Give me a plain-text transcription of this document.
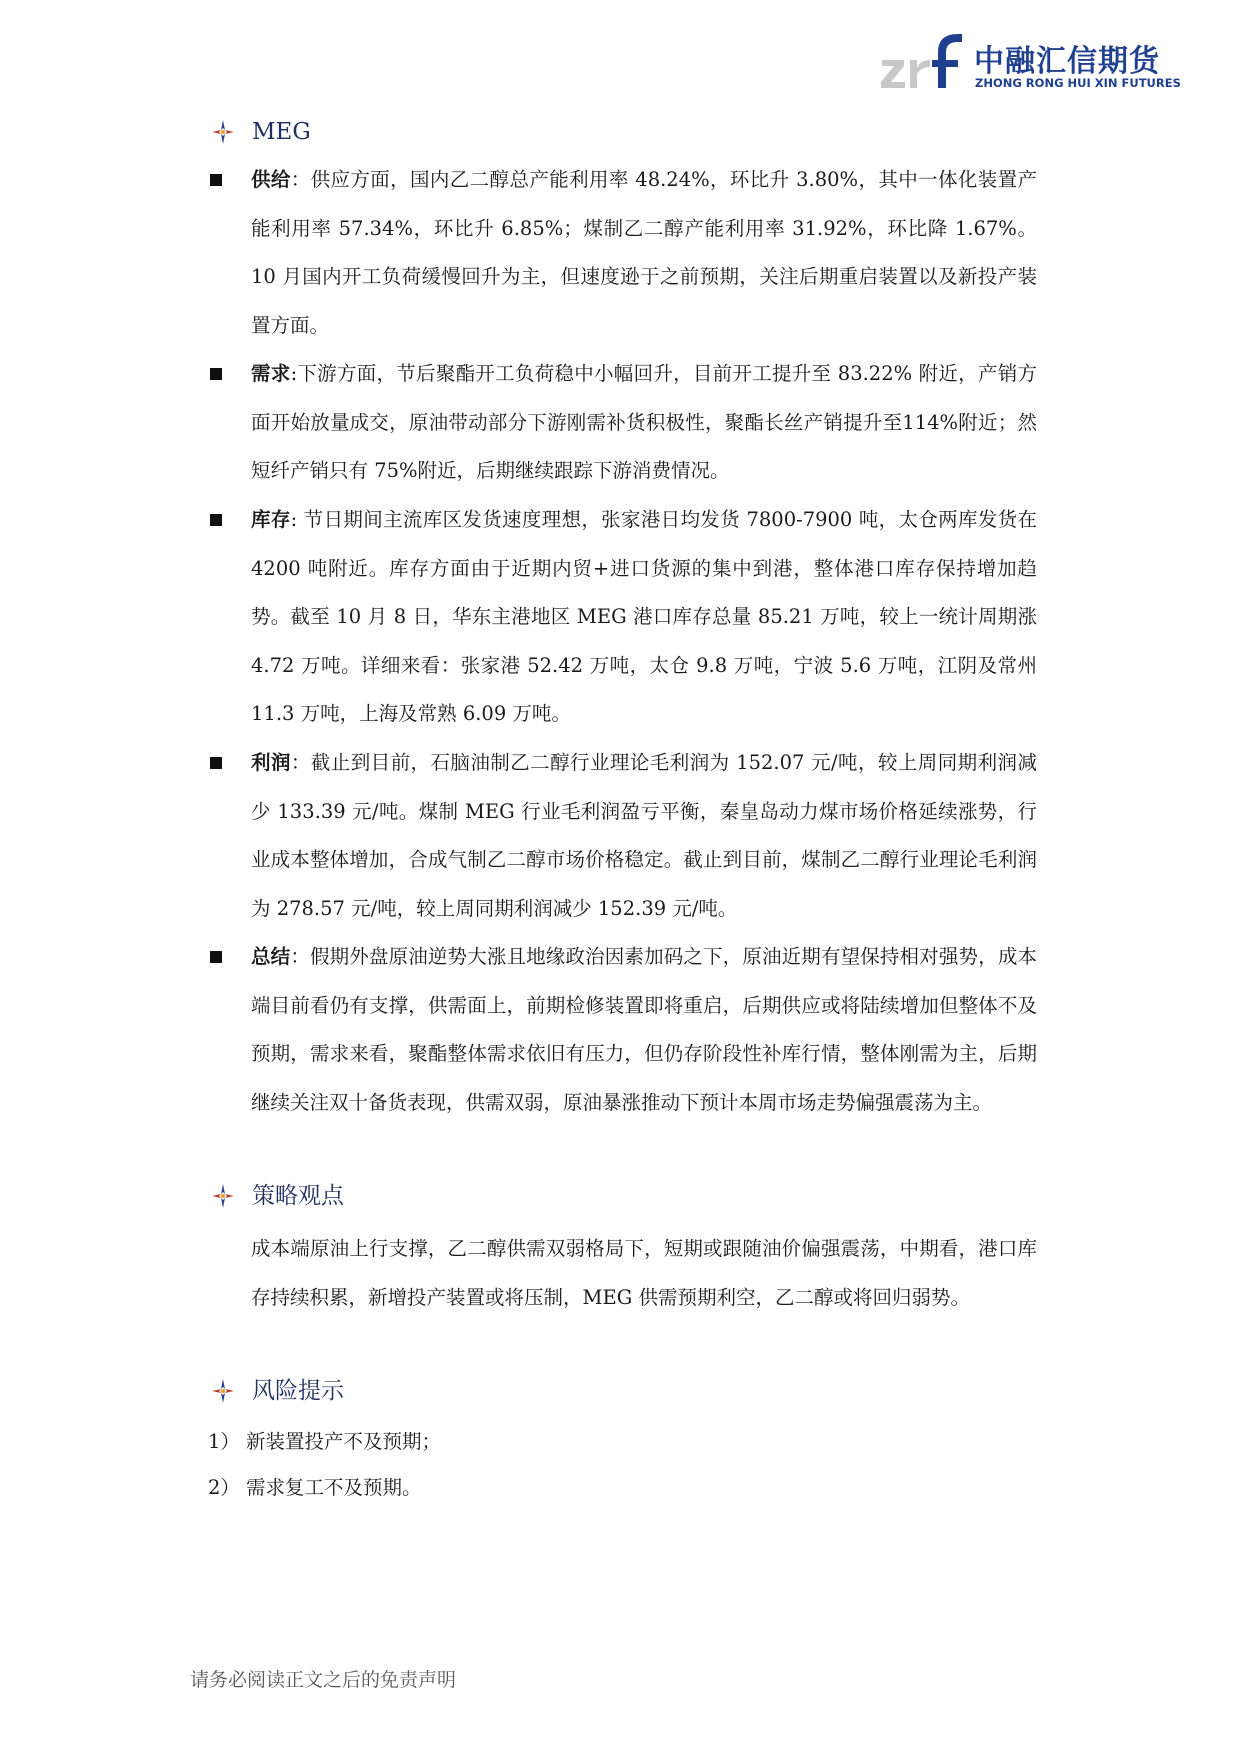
中融汇信期货
ZHONG RONG HUI XIN FUTURES
MEG

供给：供应方面，国内乙二醇总产能利用率 48.24%，环比升 3.80%，其中一体化装置产能利用率 57.34%，环比升 6.85%；煤制乙二醇产能利用率 31.92%，环比降 1.67%。10 月国内开工负荷缓慢回升为主，但速度逊于之前预期，关注后期重启装置以及新投产装置方面。

需求:下游方面，节后聚酯开工负荷稳中小幅回升，目前开工提升至 83.22% 附近，产销方面开始放量成交，原油带动部分下游刚需补货积极性，聚酯长丝产销提升至114%附近；然短纤产销只有 75%附近，后期继续跟踪下游消费情况。

库存: 节日期间主流库区发货速度理想，张家港日均发货 7800-7900 吨，太仓两库发货在 4200 吨附近。库存方面由于近期内贸+进口货源的集中到港，整体港口库存保持增加趋势。截至 10 月 8 日，华东主港地区 MEG 港口库存总量 85.21 万吨，较上一统计周期涨 4.72 万吨。详细来看：张家港 52.42 万吨，太仓 9.8 万吨，宁波 5.6 万吨，江阴及常州 11.3 万吨，上海及常熟 6.09 万吨。

利润：截止到目前，石脑油制乙二醇行业理论毛利润为 152.07 元/吨，较上周同期利润减少 133.39 元/吨。煤制 MEG 行业毛利润盈亏平衡，秦皇岛动力煤市场价格延续涨势，行业成本整体增加，合成气制乙二醇市场价格稳定。截止到目前，煤制乙二醇行业理论毛利润为 278.57 元/吨，较上周同期利润减少 152.39 元/吨。

总结：假期外盘原油逆势大涨且地缘政治因素加码之下，原油近期有望保持相对强势，成本端目前看仍有支撑，供需面上，前期检修装置即将重启，后期供应或将陆续增加但整体不及预期，需求来看，聚酯整体需求依旧有压力，但仍存阶段性补库行情，整体刚需为主，后期继续关注双十备货表现，供需双弱，原油暴涨推动下预计本周市场走势偏强震荡为主。

策略观点

成本端原油上行支撑，乙二醇供需双弱格局下，短期或跟随油价偏强震荡，中期看，港口库存持续积累，新增投产装置或将压制，MEG 供需预期利空，乙二醇或将回归弱势。

风险提示
1） 新装置投产不及预期；
2） 需求复工不及预期。
请务必阅读正文之后的免责声明
